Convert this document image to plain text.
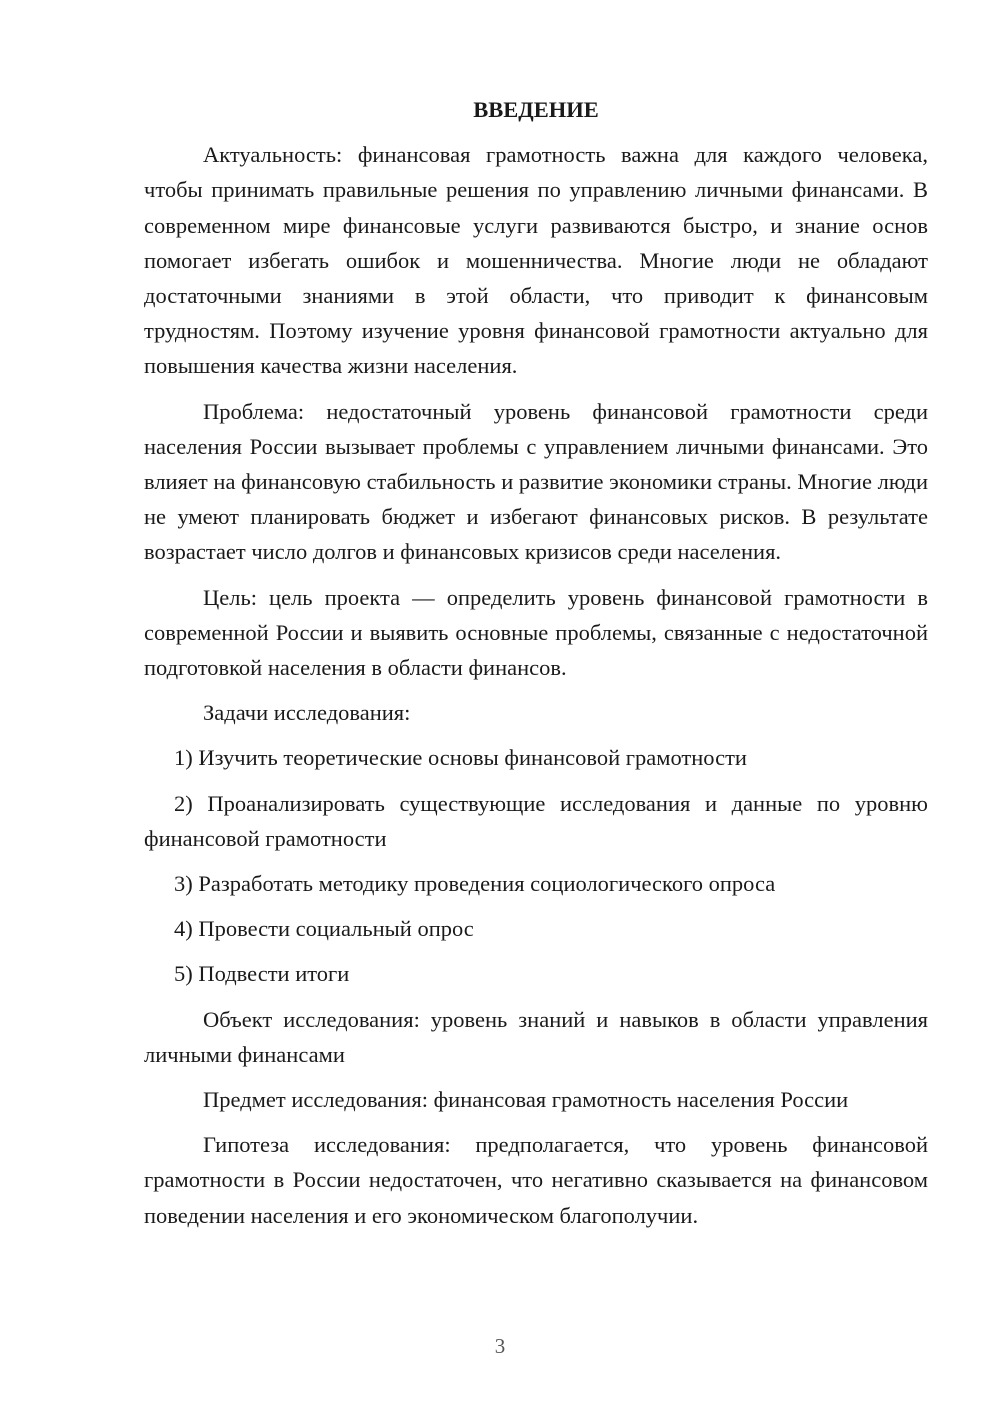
ВВЕДЕНИЕ

Актуальность: финансовая грамотность важна для каждого человека, чтобы принимать правильные решения по управлению личными финансами. В современном мире финансовые услуги развиваются быстро, и знание основ помогает избегать ошибок и мошенничества. Многие люди не обладают достаточными знаниями в этой области, что приводит к финансовым трудностям. Поэтому изучение уровня финансовой грамотности актуально для повышения качества жизни населения.

Проблема: недостаточный уровень финансовой грамотности среди населения России вызывает проблемы с управлением личными финансами. Это влияет на финансовую стабильность и развитие экономики страны. Многие люди не умеют планировать бюджет и избегают финансовых рисков. В результате возрастает число долгов и финансовых кризисов среди населения.

Цель: цель проекта — определить уровень финансовой грамотности в современной России и выявить основные проблемы, связанные с недостаточной подготовкой населения в области финансов.

Задачи исследования:

1) Изучить теоретические основы финансовой грамотности

2) Проанализировать существующие исследования и данные по уровню финансовой грамотности

3) Разработать методику проведения социологического опроса

4) Провести социальный опрос

5) Подвести итоги

Объект исследования: уровень знаний и навыков в области управления личными финансами

Предмет исследования: финансовая грамотность населения России

Гипотеза исследования: предполагается, что уровень финансовой грамотности в России недостаточен, что негативно сказывается на финансовом поведении населения и его экономическом благополучии.

3
